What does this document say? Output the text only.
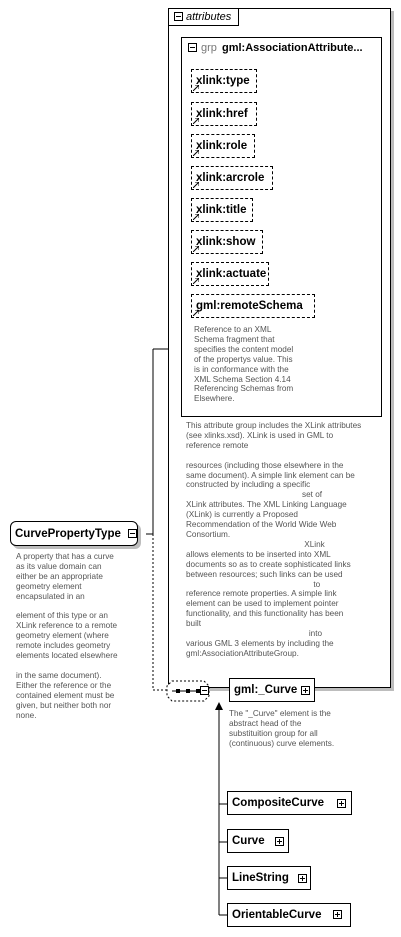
attributes
grp gml:AssociationAttribute...
xlink:type
xlink:href
xlink:role
xlink:arcrole
xlink:title
xlink:show
xlink:actuate
gml:remoteSchema
Reference to an XML
Schema fragment that
specifies the content model
of the propertys value. This
is in conformance with the
XML Schema Section 4.14
Referencing Schemas from
Elsewhere.
This attribute group includes the XLink attributes
(see xlinks.xsd). XLink is used in GML to
reference remote

resources (including those elsewhere in the
same document). A simple link element can be
constructed by including a specific
set of
XLink attributes. The XML Linking Language
(XLink) is currently a Proposed
Recommendation of the World Wide Web
Consortium.
XLink
allows elements to be inserted into XML
documents so as to create sophisticated links
between resources; such links can be used
to
reference remote properties. A simple link
element can be used to implement pointer
functionality, and this functionality has been
built
into
various GML 3 elements by including the
gml:AssociationAttributeGroup.
CurvePropertyType
A property that has a curve
as its value domain can
either be an appropriate
geometry element
encapsulated in an

element of this type or an
XLink reference to a remote
geometry element (where
remote includes geometry
elements located elsewhere

in the same document).
Either the reference or the
contained element must be
given, but neither both nor
none.
gml:_Curve
The "_Curve" element is the
abstract head of the
substituition group for all
(continuous) curve elements.
CompositeCurve
Curve
LineString
OrientableCurve
